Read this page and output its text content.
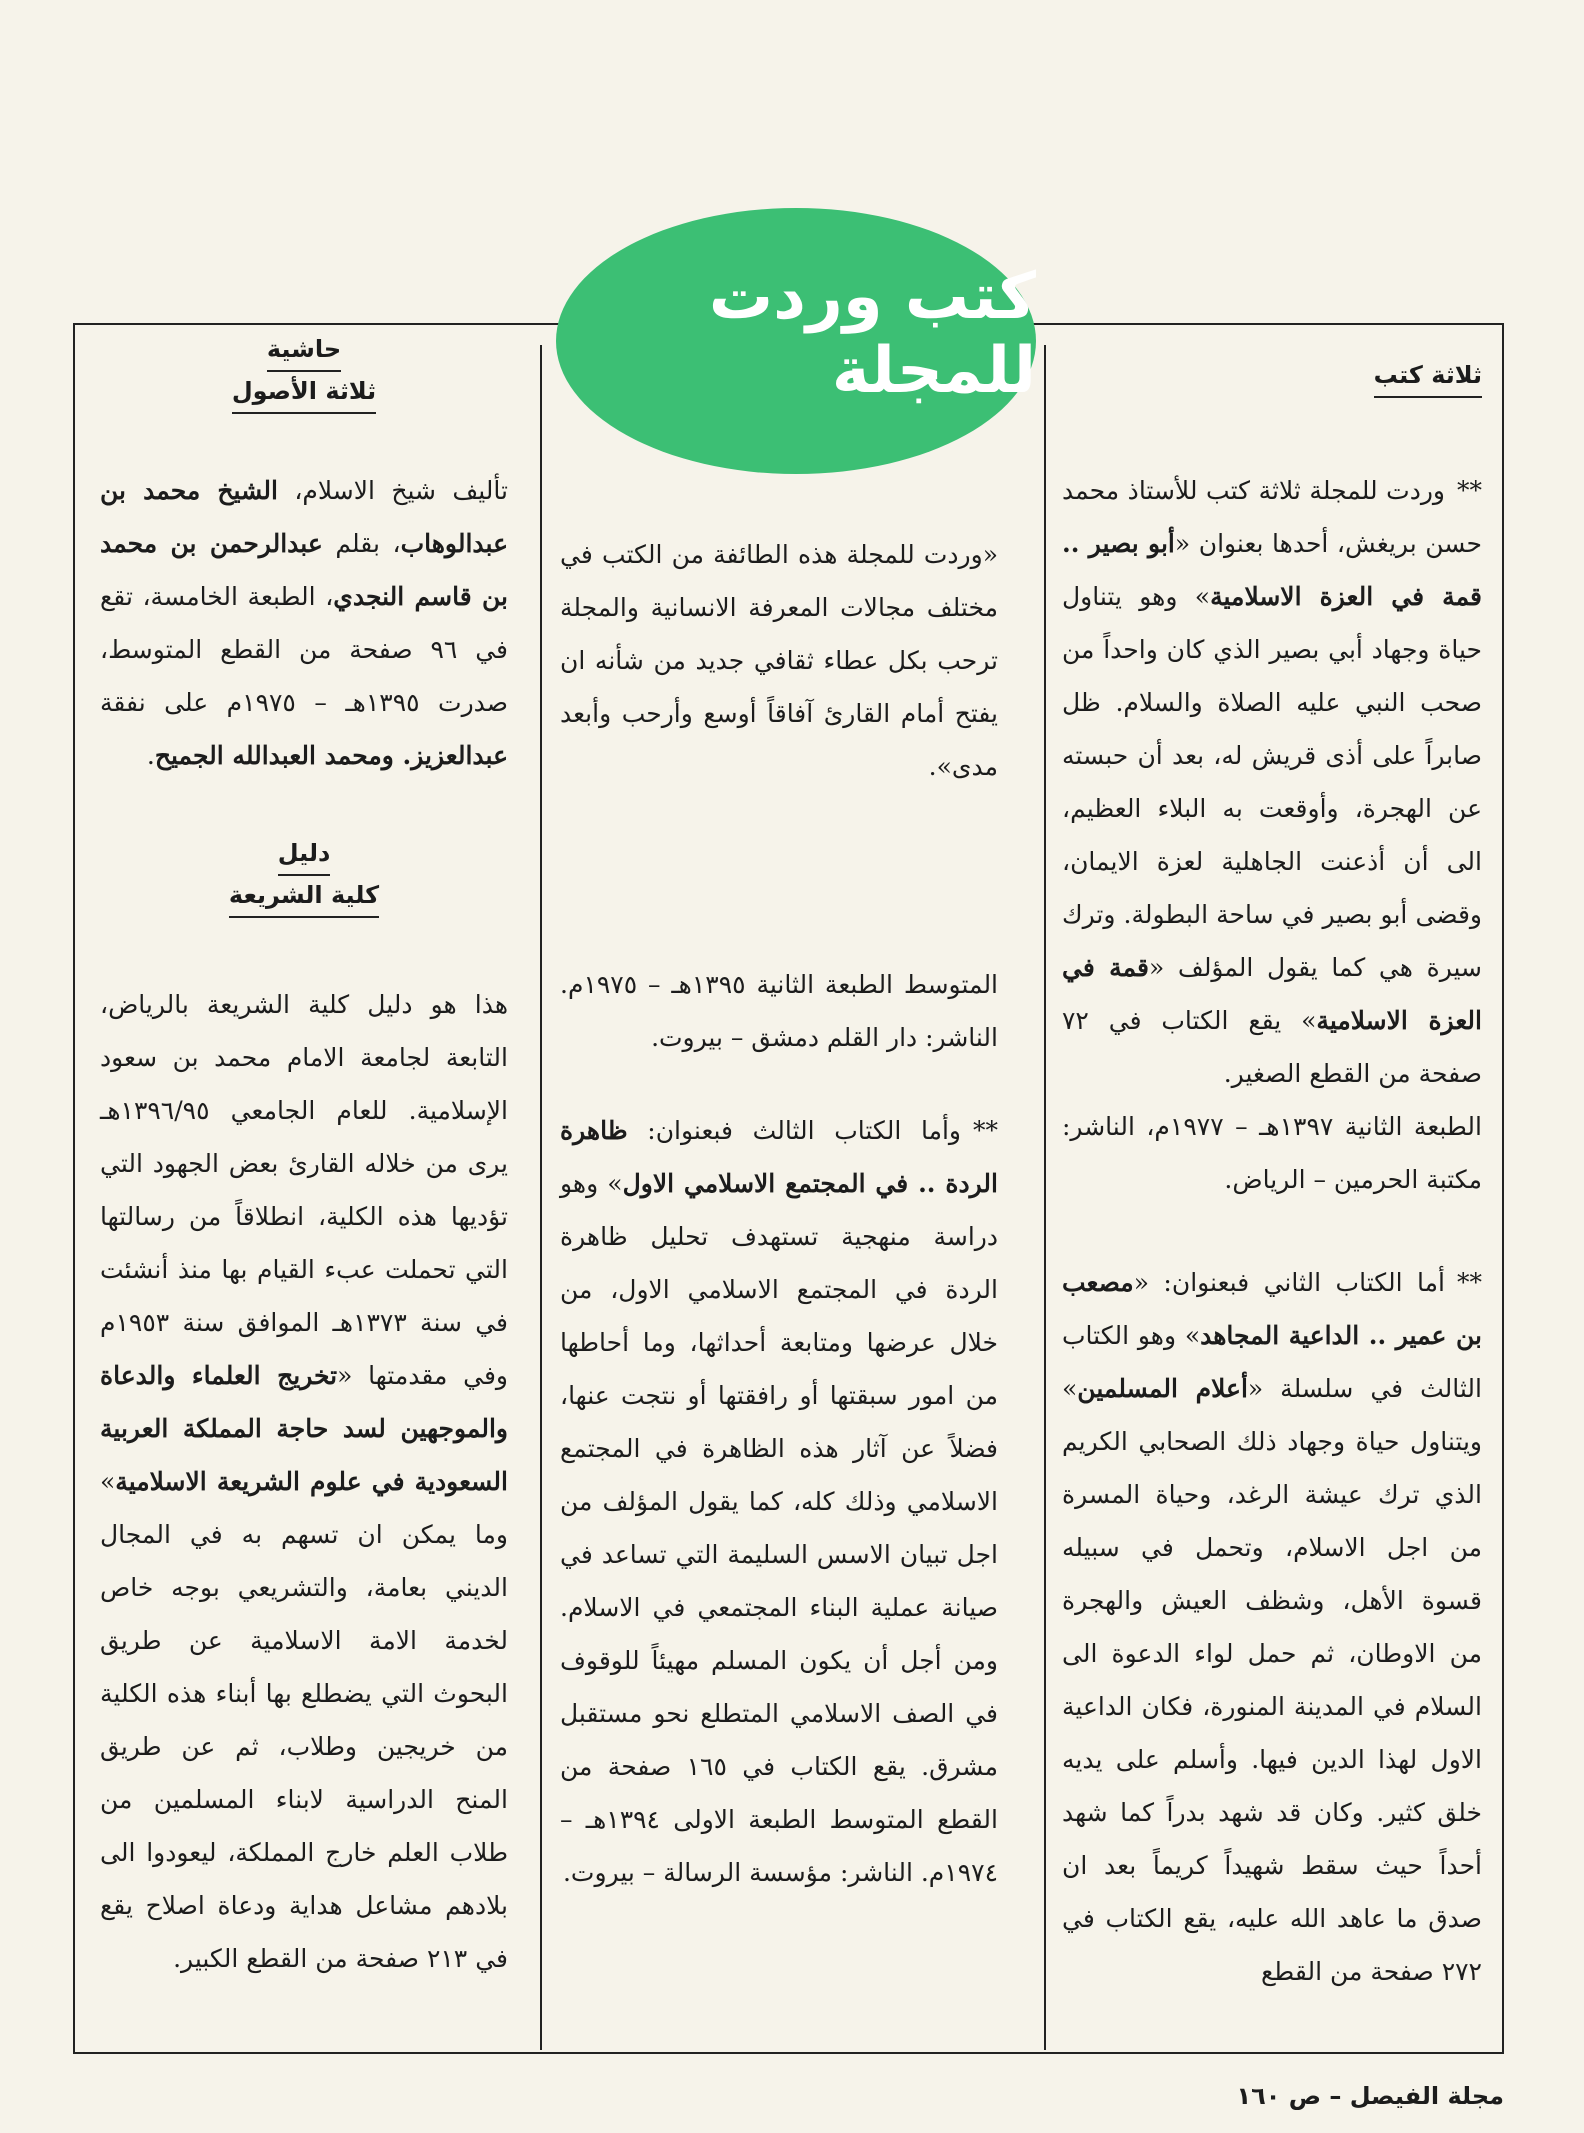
كتب وردت للمجلة	ثلاثة كتب

**وردت للمجلة ثلاثة كتب للأستاذ محمد حسن بريغش، أحدها بعنوان «أبو بصير .. قمة في العزة الاسلامية» وهو يتناول حياة وجهاد أبي بصير الذي كان واحداً من صحب النبي عليه الصلاة والسلام. ظل صابراً على أذى قريش له، بعد أن حبسته عن الهجرة، وأوقعت به البلاء العظيم، الى أن أذعنت الجاهلية لعزة الايمان، وقضى أبو بصير في ساحة البطولة. وترك سيرة هي كما يقول المؤلف «قمة في العزة الاسلامية» يقع الكتاب في ٧٢ صفحة من القطع الصغير.

الطبعة الثانية ١٣٩٧هـ – ١٩٧٧م، الناشر: مكتبة الحرمين – الرياض.

**أما الكتاب الثاني فبعنوان: «مصعب بن عمير .. الداعية المجاهد» وهو الكتاب الثالث في سلسلة «أعلام المسلمين» ويتناول حياة وجهاد ذلك الصحابي الكريم الذي ترك عيشة الرغد، وحياة المسرة من اجل الاسلام، وتحمل في سبيله قسوة الأهل، وشظف العيش والهجرة من الاوطان، ثم حمل لواء الدعوة الى السلام في المدينة المنورة، فكان الداعية الاول لهذا الدين فيها. وأسلم على يديه خلق كثير. وكان قد شهد بدراً كما شهد أحداً حيث سقط شهيداً كريماً بعد ان صدق ما عاهد الله عليه، يقع الكتاب في ٢٧٢ صفحة من القطع

«وردت للمجلة هذه الطائفة من الكتب في مختلف مجالات المعرفة الانسانية والمجلة ترحب بكل عطاء ثقافي جديد من شأنه ان يفتح أمام القارئ آفاقاً أوسع وأرحب وأبعد مدى».

المتوسط الطبعة الثانية ١٣٩٥هـ – ١٩٧٥م. الناشر: دار القلم دمشق – بيروت.

**وأما الكتاب الثالث فبعنوان: ظاهرة الردة .. في المجتمع الاسلامي الاول» وهو دراسة منهجية تستهدف تحليل ظاهرة الردة في المجتمع الاسلامي الاول، من خلال عرضها ومتابعة أحداثها، وما أحاطها من امور سبقتها أو رافقتها أو نتجت عنها، فضلاً عن آثار هذه الظاهرة في المجتمع الاسلامي وذلك كله، كما يقول المؤلف من اجل تبيان الاسس السليمة التي تساعد في صيانة عملية البناء المجتمعي في الاسلام. ومن أجل أن يكون المسلم مهيئاً للوقوف في الصف الاسلامي المتطلع نحو مستقبل مشرق. يقع الكتاب في ١٦٥ صفحة من القطع المتوسط الطبعة الاولى ١٣٩٤هـ – ١٩٧٤م. الناشر: مؤسسة الرسالة – بيروت.

حاشية
ثلاثة الأصول

تأليف شيخ الاسلام، الشيخ محمد بن عبدالوهاب، بقلم عبدالرحمن بن محمد بن قاسم النجدي، الطبعة الخامسة، تقع في ٩٦ صفحة من القطع المتوسط، صدرت ١٣٩٥هـ – ١٩٧٥م على نفقة عبدالعزيز. ومحمد العبدالله الجميح.

دليل
كلية الشريعة

هذا هو دليل كلية الشريعة بالرياض، التابعة لجامعة الامام محمد بن سعود الإسلامية. للعام الجامعي ١٣٩٦/٩٥هـ يرى من خلاله القارئ بعض الجهود التي تؤديها هذه الكلية، انطلاقاً من رسالتها التي تحملت عبء القيام بها منذ أنشئت في سنة ١٣٧٣هـ الموافق سنة ١٩٥٣م وفي مقدمتها «تخريج العلماء والدعاة والموجهين لسد حاجة المملكة العربية السعودية في علوم الشريعة الاسلامية» وما يمكن ان تسهم به في المجال الديني بعامة، والتشريعي بوجه خاص لخدمة الامة الاسلامية عن طريق البحوث التي يضطلع بها أبناء هذه الكلية من خريجين وطلاب، ثم عن طريق المنح الدراسية لابناء المسلمين من طلاب العلم خارج المملكة، ليعودوا الى بلادهم مشاعل هداية ودعاة اصلاح يقع في ٢١٣ صفحة من القطع الكبير.

مجلة الفيصل – ص ١٦٠
